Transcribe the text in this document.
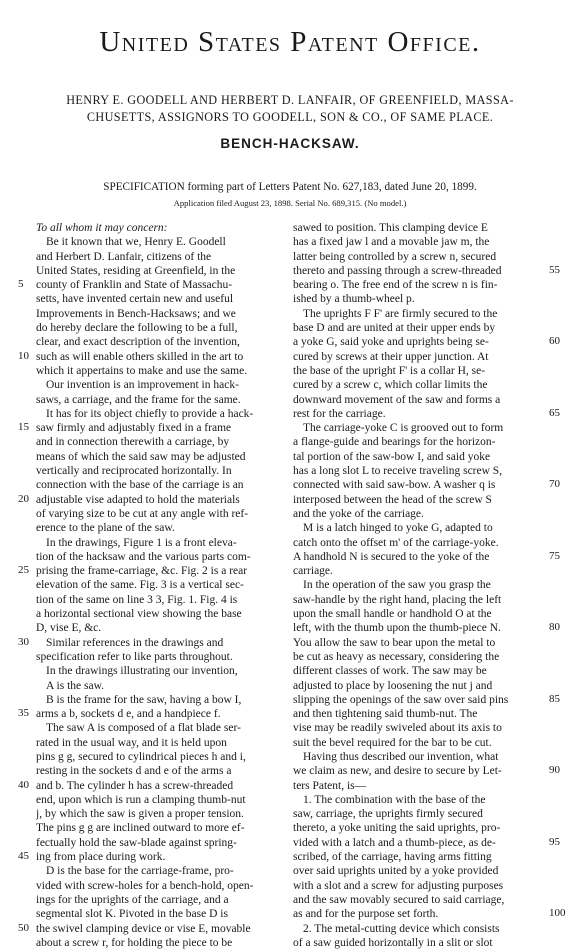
United States Patent Office.
HENRY E. GOODELL AND HERBERT D. LANFAIR, OF GREENFIELD, MASSA-
CHUSETTS, ASSIGNORS TO GOODELL, SON & CO., OF SAME PLACE.
BENCH-HACKSAW.
SPECIFICATION forming part of Letters Patent No. 627,183, dated June 20, 1899.
Application filed August 23, 1898. Serial No. 689,315. (No model.)

To all whom it may concern:

Be it known that we, Henry E. Goodell

and Herbert D. Lanfair, citizens of the

United States, residing at Greenfield, in the

county of Franklin and State of Massachu-

setts, have invented certain new and useful

Improvements in Bench-Hacksaws; and we

do hereby declare the following to be a full,

clear, and exact description of the invention,

such as will enable others skilled in the art to

which it appertains to make and use the same.

Our invention is an improvement in hack-

saws, a carriage, and the frame for the same.

It has for its object chiefly to provide a hack-

saw firmly and adjustably fixed in a frame

and in connection therewith a carriage, by

means of which the said saw may be adjusted

vertically and reciprocated horizontally. In

connection with the base of the carriage is an

adjustable vise adapted to hold the materials

of varying size to be cut at any angle with ref-

erence to the plane of the saw.

In the drawings, Figure 1 is a front eleva-

tion of the hacksaw and the various parts com-

prising the frame-carriage, &c. Fig. 2 is a rear

elevation of the same. Fig. 3 is a vertical sec-

tion of the same on line 3 3, Fig. 1. Fig. 4 is

a horizontal sectional view showing the base

D, vise E, &c.

Similar references in the drawings and

specification refer to like parts throughout.

In the drawings illustrating our invention,

A is the saw.

B is the frame for the saw, having a bow I,

arms a b, sockets d e, and a handpiece f.

The saw A is composed of a flat blade ser-

rated in the usual way, and it is held upon

pins g g, secured to cylindrical pieces h and i,

resting in the sockets d and e of the arms a

and b. The cylinder h has a screw-threaded

end, upon which is run a clamping thumb-nut

j, by which the saw is given a proper tension.

The pins g g are inclined outward to more ef-

fectually hold the saw-blade against spring-

ing from place during work.

D is the base for the carriage-frame, pro-

vided with screw-holes for a bench-hold, open-

ings for the uprights of the carriage, and a

segmental slot K. Pivoted in the base D is

the swivel clamping device or vise E, movable

about a screw r, for holding the piece to be

sawed to position. This clamping device E

has a fixed jaw l and a movable jaw m, the

latter being controlled by a screw n, secured

thereto and passing through a screw-threaded

bearing o. The free end of the screw n is fin-

ished by a thumb-wheel p.

The uprights F F' are firmly secured to the

base D and are united at their upper ends by

a yoke G, said yoke and uprights being se-

cured by screws at their upper junction. At

the base of the upright F' is a collar H, se-

cured by a screw c, which collar limits the

downward movement of the saw and forms a

rest for the carriage.

The carriage-yoke C is grooved out to form

a flange-guide and bearings for the horizon-

tal portion of the saw-bow I, and said yoke

has a long slot L to receive traveling screw S,

connected with said saw-bow. A washer q is

interposed between the head of the screw S

and the yoke of the carriage.

M is a latch hinged to yoke G, adapted to

catch onto the offset m' of the carriage-yoke.

A handhold N is secured to the yoke of the

carriage.

In the operation of the saw you grasp the

saw-handle by the right hand, placing the left

upon the small handle or handhold O at the

left, with the thumb upon the thumb-piece N.

You allow the saw to bear upon the metal to

be cut as heavy as necessary, considering the

different classes of work. The saw may be

adjusted to place by loosening the nut j and

slipping the openings of the saw over said pins

and then tightening said thumb-nut. The

vise may be readily swiveled about its axis to

suit the bevel required for the bar to be cut.

Having thus described our invention, what

we claim as new, and desire to secure by Let-

ters Patent, is—

1. The combination with the base of the

saw, carriage, the uprights firmly secured

thereto, a yoke uniting the said uprights, pro-

vided with a latch and a thumb-piece, as de-

scribed, of the carriage, having arms fitting

over said uprights united by a yoke provided

with a slot and a screw for adjusting purposes

and the saw movably secured to said carriage,

as and for the purpose set forth.

2. The metal-cutting device which consists

of a saw guided horizontally in a slit or slot

5
10
15
20
25
30
35
40
45
50
55
60
65
70
75
80
85
90
95
100
